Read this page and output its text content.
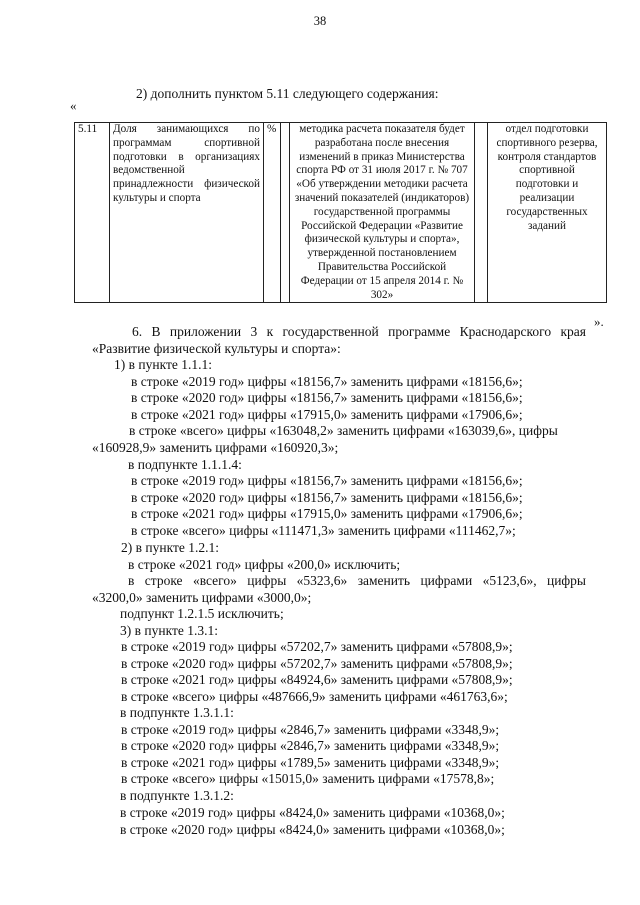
38
2) дополнить пунктом 5.11 следующего содержания:
«
5.11	Доля занимающихся по программам спортивной подготовки в организациях ведомственной принадлежности физической культуры и спорта	%		методика расчета показателя будет разработана после внесения изменений в приказ Министерства спорта РФ от 31 июля 2017 г. № 707 «Об утверждении методики расчета значений показателей (индикаторов) государственной программы Российской Федерации «Развитие физической культуры и спорта», утвержденной постановлением Правительства Российской Федерации от 15 апреля 2014 г. № 302»		отдел подготовки спортивного резерва, контроля стандартов спортивной подготовки и реализации государственных заданий
».
6. В приложении 3 к государственной программе Краснодарского края
«Развитие физической культуры и спорта»:
1) в пункте 1.1.1:
в строке «2019 год» цифры «18156,7» заменить цифрами «18156,6»;
в строке «2020 год» цифры «18156,7» заменить цифрами «18156,6»;
в строке «2021 год» цифры «17915,0» заменить цифрами «17906,6»;
в строке «всего» цифры «163048,2» заменить цифрами «163039,6», цифры
«160928,9» заменить цифрами «160920,3»;
в подпункте 1.1.1.4:
в строке «2019 год» цифры «18156,7» заменить цифрами «18156,6»;
в строке «2020 год» цифры «18156,7» заменить цифрами «18156,6»;
в строке «2021 год» цифры «17915,0» заменить цифрами «17906,6»;
в строке «всего» цифры «111471,3» заменить цифрами «111462,7»;
2) в пункте 1.2.1:
в строке «2021 год» цифры «200,0» исключить;
в строке «всего» цифры «5323,6» заменить цифрами «5123,6», цифры
«3200,0» заменить цифрами «3000,0»;
подпункт 1.2.1.5 исключить;
3) в пункте 1.3.1:
в строке «2019 год» цифры «57202,7» заменить цифрами «57808,9»;
в строке «2020 год» цифры «57202,7» заменить цифрами «57808,9»;
в строке «2021 год» цифры «84924,6» заменить цифрами «57808,9»;
в строке «всего» цифры «487666,9» заменить цифрами «461763,6»;
в подпункте 1.3.1.1:
в строке «2019 год» цифры «2846,7» заменить цифрами «3348,9»;
в строке «2020 год» цифры «2846,7» заменить цифрами «3348,9»;
в строке «2021 год» цифры «1789,5» заменить цифрами «3348,9»;
в строке «всего» цифры «15015,0» заменить цифрами «17578,8»;
в подпункте 1.3.1.2:
в строке «2019 год» цифры «8424,0» заменить цифрами «10368,0»;
в строке «2020 год» цифры «8424,0» заменить цифрами «10368,0»;
